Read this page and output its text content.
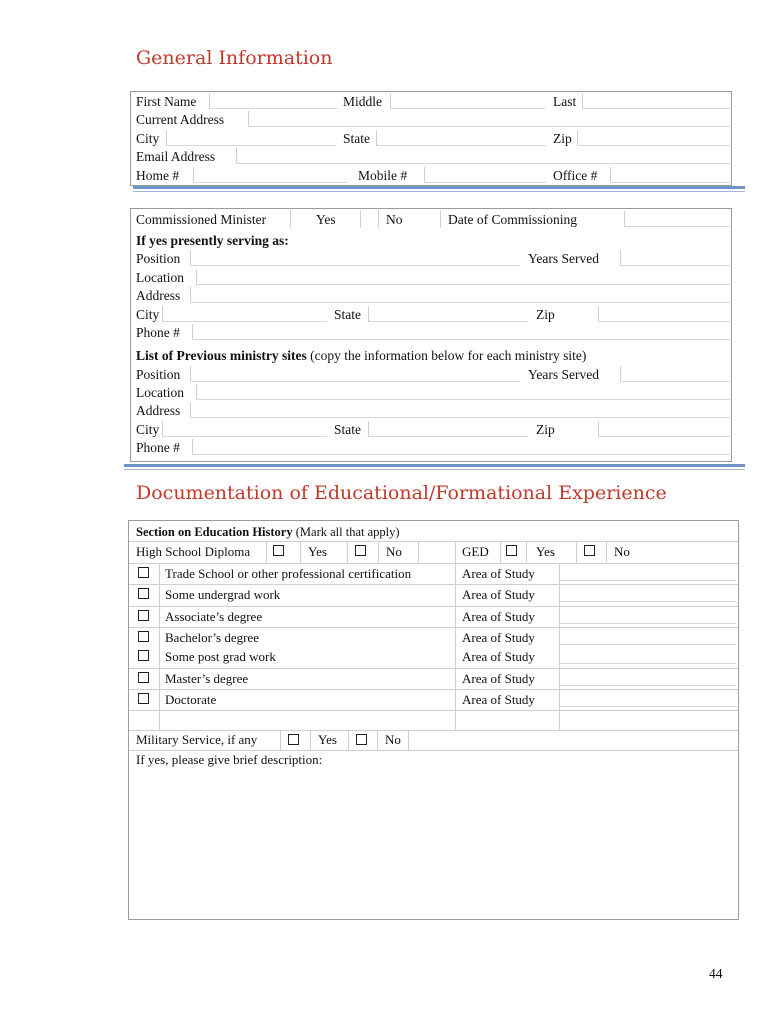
General Information
First Name	Middle	Last
Current Address
City	State	Zip
Email Address
Home #	Mobile #	Office #
Commissioned Minister	Yes	No	Date of Commissioning
If yes presently serving as:
Position	Years Served
Location
Address
City	State	Zip
Phone #
List of Previous ministry sites (copy the information below for each ministry site)
Position	Years Served
Location
Address
City	State	Zip
Phone #
Documentation of Educational/Formational Experience
Section on Education History (Mark all that apply)
High School Diploma	Yes	No	GED	Yes	No
Trade School or other professional certification	Area of Study
Some undergrad work	Area of Study
Associate’s degree	Area of Study
Bachelor’s degree	Area of Study
Some post grad work	Area of Study
Master’s degree	Area of Study
Doctorate	Area of Study
Military Service, if any	Yes	No
If yes, please give brief description:
44
